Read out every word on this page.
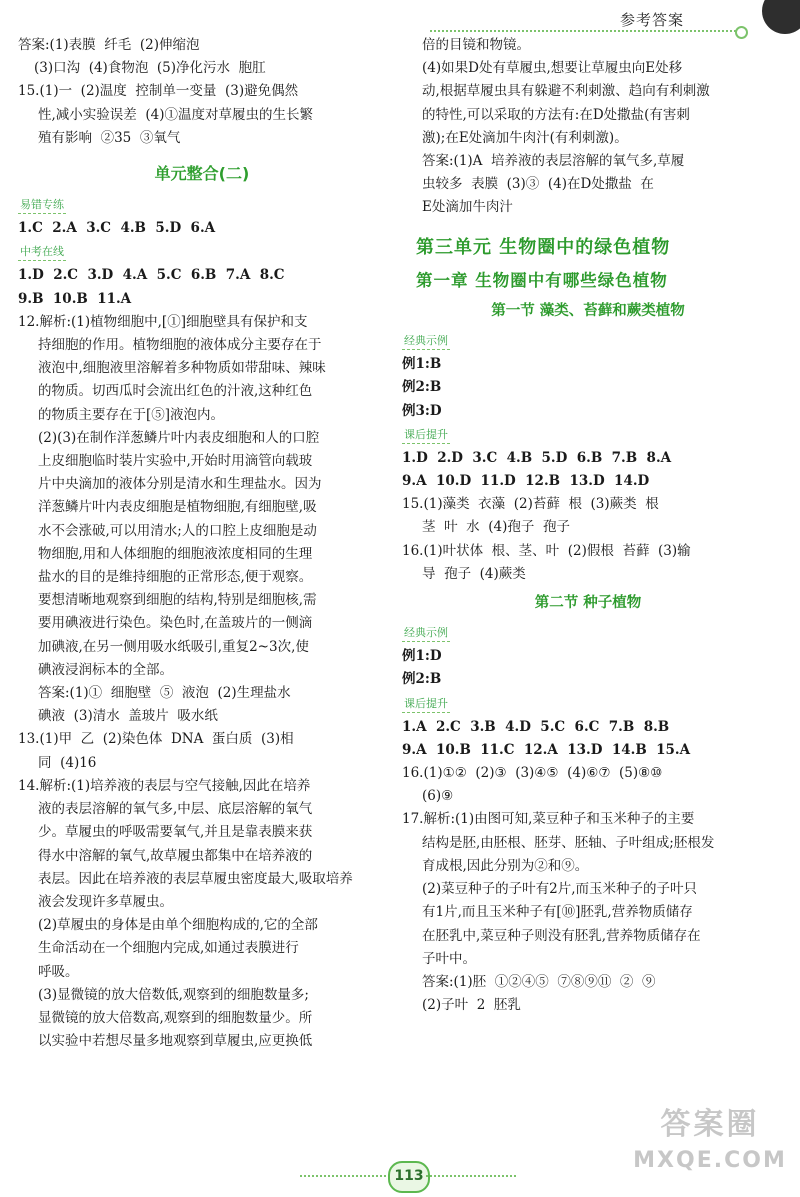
参考答案
答案:(1)表膜  纤毛  (2)伸缩泡
(3)口沟  (4)食物泡  (5)净化污水  胞肛
15.(1)一  (2)温度  控制单一变量  (3)避免偶然
性,减小实验误差  (4)①温度对草履虫的生长繁
殖有影响  ②35  ③氧气
单元整合(二)
易错专练
1.C  2.A  3.C  4.B  5.D  6.A
中考在线
1.D  2.C  3.D  4.A  5.C  6.B  7.A  8.C
9.B  10.B  11.A
12.解析:(1)植物细胞中,[①]细胞壁具有保护和支
持细胞的作用。植物细胞的液体成分主要存在于
液泡中,细胞液里溶解着多种物质如带甜味、辣味
的物质。切西瓜时会流出红色的汁液,这种红色
的物质主要存在于[⑤]液泡内。
(2)(3)在制作洋葱鳞片叶内表皮细胞和人的口腔
上皮细胞临时装片实验中,开始时用滴管向载玻
片中央滴加的液体分别是清水和生理盐水。因为
洋葱鳞片叶内表皮细胞是植物细胞,有细胞壁,吸
水不会涨破,可以用清水;人的口腔上皮细胞是动
物细胞,用和人体细胞的细胞液浓度相同的生理
盐水的目的是维持细胞的正常形态,便于观察。
要想清晰地观察到细胞的结构,特别是细胞核,需
要用碘液进行染色。染色时,在盖玻片的一侧滴
加碘液,在另一侧用吸水纸吸引,重复2~3次,使
碘液浸润标本的全部。
答案:(1)①  细胞壁  ⑤  液泡  (2)生理盐水
碘液  (3)清水  盖玻片  吸水纸
13.(1)甲  乙  (2)染色体  DNA  蛋白质  (3)相
同  (4)16
14.解析:(1)培养液的表层与空气接触,因此在培养
液的表层溶解的氧气多,中层、底层溶解的氧气
少。草履虫的呼吸需要氧气,并且是靠表膜来获
得水中溶解的氧气,故草履虫都集中在培养液的
表层。因此在培养液的表层草履虫密度最大,吸取培养
液会发现许多草履虫。
(2)草履虫的身体是由单个细胞构成的,它的全部
生命活动在一个细胞内完成,如通过表膜进行
呼吸。
(3)显微镜的放大倍数低,观察到的细胞数量多;
显微镜的放大倍数高,观察到的细胞数量少。所
以实验中若想尽量多地观察到草履虫,应更换低
倍的目镜和物镜。
(4)如果D处有草履虫,想要让草履虫向E处移
动,根据草履虫具有躲避不利刺激、趋向有利刺激
的特性,可以采取的方法有:在D处撒盐(有害刺
激);在E处滴加牛肉汁(有利刺激)。
答案:(1)A  培养液的表层溶解的氧气多,草履
虫较多  表膜  (3)③  (4)在D处撒盐  在
E处滴加牛肉汁
第三单元 生物圈中的绿色植物
第一章 生物圈中有哪些绿色植物
第一节 藻类、苔藓和蕨类植物
经典示例
例1:B
例2:B
例3:D
课后提升
1.D  2.D  3.C  4.B  5.D  6.B  7.B  8.A
9.A  10.D  11.D  12.B  13.D  14.D
15.(1)藻类  衣藻  (2)苔藓  根  (3)蕨类  根
茎  叶  水  (4)孢子  孢子
16.(1)叶状体  根、茎、叶  (2)假根  苔藓  (3)输
导  孢子  (4)蕨类
第二节 种子植物
经典示例
例1:D
例2:B
课后提升
1.A  2.C  3.B  4.D  5.C  6.C  7.B  8.B
9.A  10.B  11.C  12.A  13.D  14.B  15.A
16.(1)①②  (2)③  (3)④⑤  (4)⑥⑦  (5)⑧⑩
(6)⑨
17.解析:(1)由图可知,菜豆种子和玉米种子的主要
结构是胚,由胚根、胚芽、胚轴、子叶组成;胚根发
育成根,因此分别为②和⑨。
(2)菜豆种子的子叶有2片,而玉米种子的子叶只
有1片,而且玉米种子有[⑩]胚乳,营养物质储存
在胚乳中,菜豆种子则没有胚乳,营养物质储存在
子叶中。
答案:(1)胚  ①②④⑤  ⑦⑧⑨⑪  ②  ⑨
(2)子叶  2  胚乳
113
答案圈
MXQE.COM
